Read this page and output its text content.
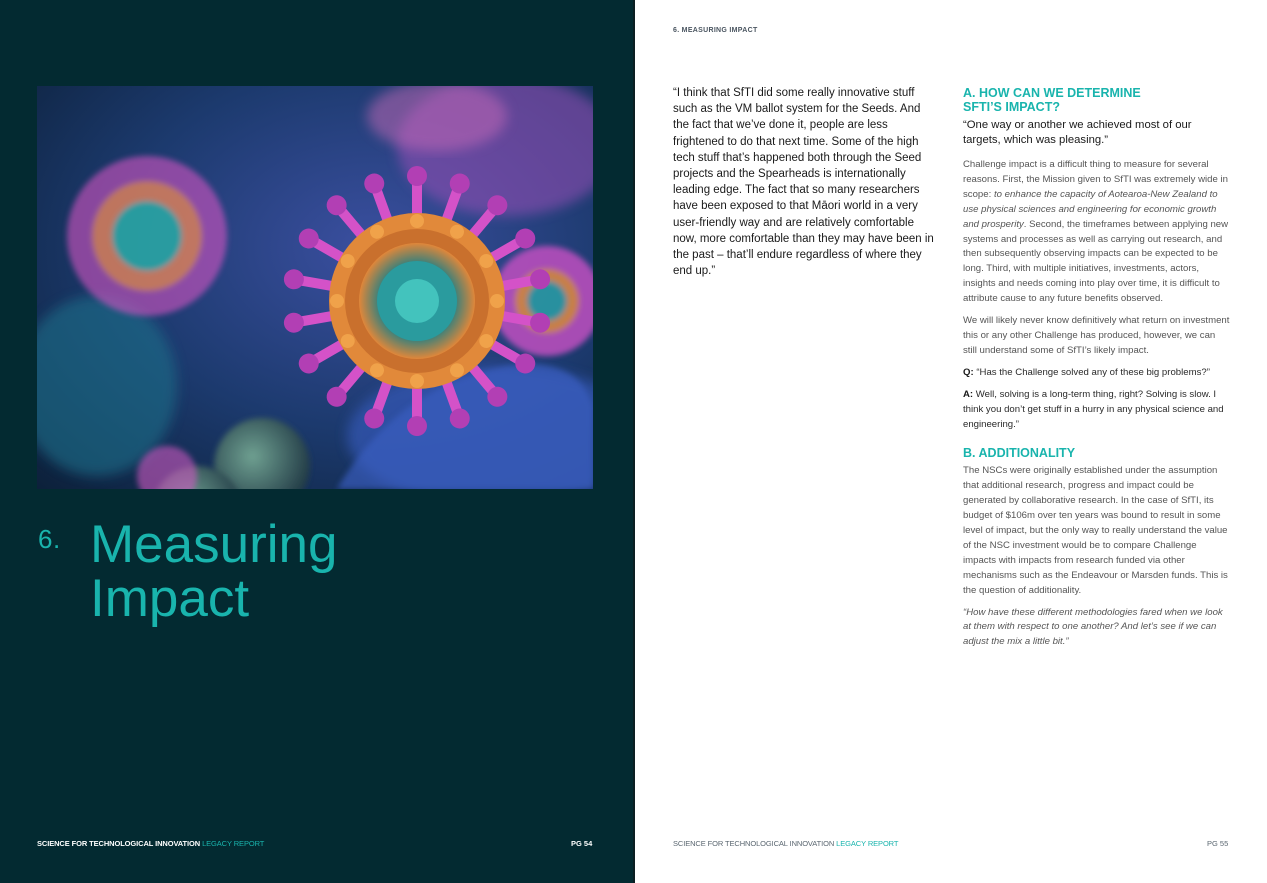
6. Measuring
Impact
SCIENCE FOR TECHNOLOGICAL INNOVATION LEGACY REPORT	PG 54
6. MEASURING IMPACT

“I think that SfTI did some really innovative stuff such as the VM ballot system for the Seeds. And the fact that we’ve done it, people are less frightened to do that next time. Some of the high tech stuff that’s happened both through the Seed projects and the Spearheads is internationally leading edge. The fact that so many researchers have been exposed to that Māori world in a very user-friendly way and are relatively comfortable now, more comfortable than they may have been in the past – that’ll endure regardless of where they end up.”

A. HOW CAN WE DETERMINE
SFTI’S IMPACT?

“One way or another we achieved most of our targets, which was pleasing.”

Challenge impact is a difficult thing to measure for several reasons. First, the Mission given to SfTI was extremely wide in scope: to enhance the capacity of Aotearoa-New Zealand to use physical sciences and engineering for economic growth and prosperity. Second, the timeframes between applying new systems and processes as well as carrying out research, and then subsequently observing impacts can be expected to be long. Third, with multiple initiatives, investments, actors, insights and needs coming into play over time, it is difficult to attribute cause to any future benefits observed.

We will likely never know definitively what return on investment this or any other Challenge has produced, however, we can still understand some of SfTI’s likely impact.

Q: “Has the Challenge solved any of these big problems?”

A: Well, solving is a long-term thing, right? Solving is slow. I think you don’t get stuff in a hurry in any physical science and engineering.”

B. ADDITIONALITY

The NSCs were originally established under the assumption that additional research, progress and impact could be generated by collaborative research. In the case of SfTI, its budget of $106m over ten years was bound to result in some level of impact, but the only way to really understand the value of the NSC investment would be to compare Challenge impacts with impacts from research funded via other mechanisms such as the Endeavour or Marsden funds. This is the question of additionality.

“How have these different methodologies fared when we look at them with respect to one another? And let’s see if we can adjust the mix a little bit.”

SCIENCE FOR TECHNOLOGICAL INNOVATION LEGACY REPORT	PG 55
